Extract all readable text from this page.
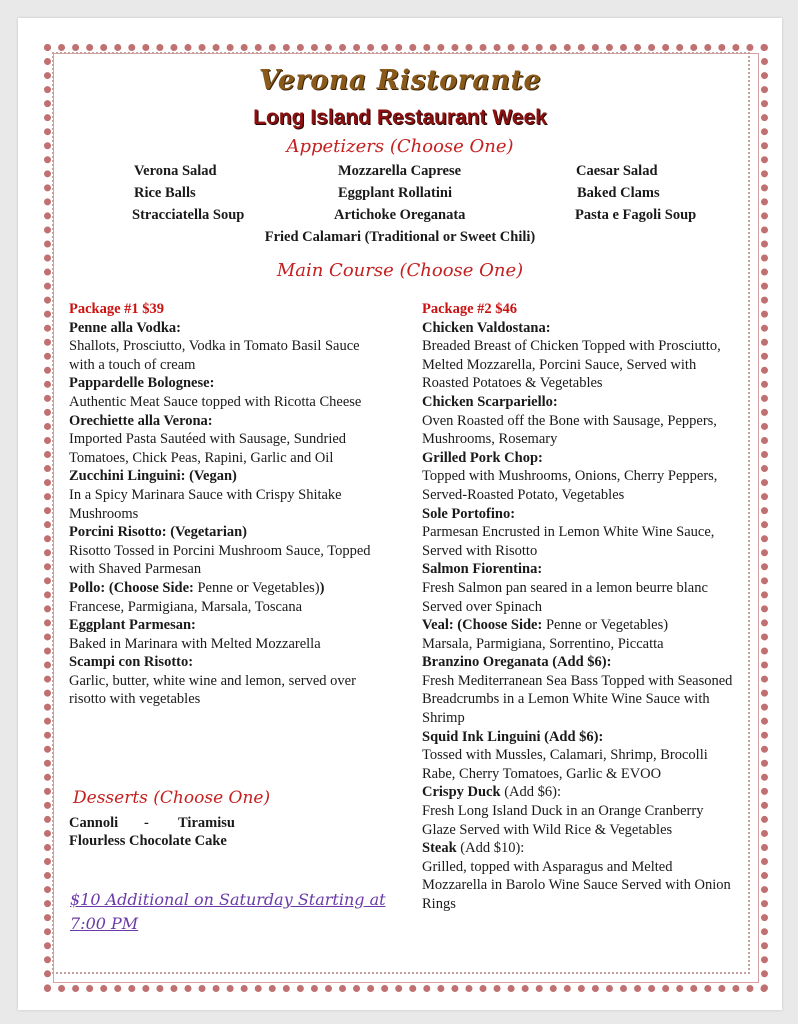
Verona Ristorante
Long Island Restaurant Week
Appetizers (Choose One)
Verona Salad	Mozzarella Caprese	Caesar Salad
Rice Balls	Eggplant Rollatini	Baked Clams
Stracciatella Soup	Artichoke Oreganata	Pasta e Fagoli Soup
Fried Calamari (Traditional or Sweet Chili)
Main Course (Choose One)
Package #1 $39
Penne alla Vodka:
Shallots, Prosciutto, Vodka in Tomato Basil Sauce with a touch of cream
Pappardelle Bolognese:
Authentic Meat Sauce topped with Ricotta Cheese
Orechiette alla Verona:
Imported Pasta Sautéed with Sausage, Sundried Tomatoes, Chick Peas, Rapini, Garlic and Oil
Zucchini Linguini: (Vegan)
In a Spicy Marinara Sauce with Crispy Shitake Mushrooms
Porcini Risotto: (Vegetarian)
Risotto Tossed in Porcini Mushroom Sauce, Topped with Shaved Parmesan
Pollo: (Choose Side: Penne or Vegetables))
Francese, Parmigiana, Marsala, Toscana
Eggplant Parmesan:
Baked in Marinara with Melted Mozzarella
Scampi con Risotto:
Garlic, butter, white wine and lemon, served over risotto with vegetables
Package #2 $46
Chicken Valdostana:
Breaded Breast of Chicken Topped with Prosciutto, Melted Mozzarella, Porcini Sauce, Served with Roasted Potatoes & Vegetables
Chicken Scarpariello:
Oven Roasted off the Bone with Sausage, Peppers, Mushrooms, Rosemary
Grilled Pork Chop:
Topped with Mushrooms, Onions, Cherry Peppers, Served-Roasted Potato, Vegetables
Sole Portofino:
Parmesan Encrusted in Lemon White Wine Sauce, Served with Risotto
Salmon Fiorentina:
Fresh Salmon pan seared in a lemon beurre blanc Served over Spinach
Veal: (Choose Side: Penne or Vegetables)
Marsala, Parmigiana, Sorrentino, Piccatta
Branzino Oreganata (Add $6):
Fresh Mediterranean Sea Bass Topped with Seasoned Breadcrumbs in a Lemon White Wine Sauce with Shrimp
Squid Ink Linguini (Add $6):
Tossed with Mussles, Calamari, Shrimp, Brocolli Rabe, Cherry Tomatoes, Garlic & EVOO
Crispy Duck (Add $6):
Fresh Long Island Duck in an Orange Cranberry Glaze Served with Wild Rice & Vegetables
Steak (Add $10):
Grilled, topped with Asparagus and Melted Mozzarella in Barolo Wine Sauce Served with Onion Rings
Desserts (Choose One)
Cannoli - Tiramisu
Flourless Chocolate Cake
$10 Additional on Saturday Starting at 7:00 PM
